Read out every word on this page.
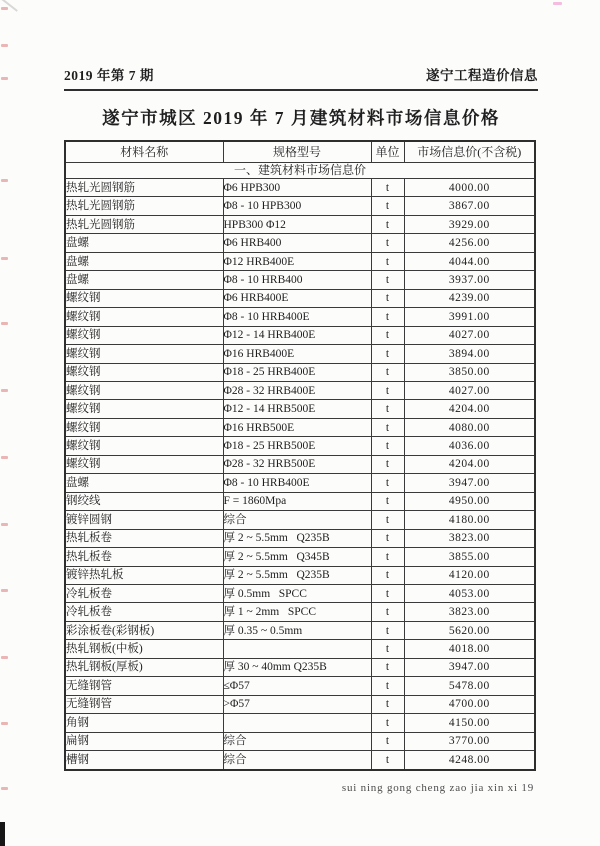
2019 年第 7 期	遂宁工程造价信息
遂宁市城区 2019 年 7 月建筑材料市场信息价格
材料名称	规格型号	单位	市场信息价(不含税)
一、建筑材料市场信息价			
热轧光圆钢筋	Φ6 HPB300	t	4000.00
热轧光圆钢筋	Φ8 - 10 HPB300	t	3867.00
热轧光圆钢筋	HPB300 Φ12	t	3929.00
盘螺	Φ6 HRB400	t	4256.00
盘螺	Φ12 HRB400E	t	4044.00
盘螺	Φ8 - 10 HRB400	t	3937.00
螺纹钢	Φ6 HRB400E	t	4239.00
螺纹钢	Φ8 - 10 HRB400E	t	3991.00
螺纹钢	Φ12 - 14 HRB400E	t	4027.00
螺纹钢	Φ16 HRB400E	t	3894.00
螺纹钢	Φ18 - 25 HRB400E	t	3850.00
螺纹钢	Φ28 - 32 HRB400E	t	4027.00
螺纹钢	Φ12 - 14 HRB500E	t	4204.00
螺纹钢	Φ16 HRB500E	t	4080.00
螺纹钢	Φ18 - 25 HRB500E	t	4036.00
螺纹钢	Φ28 - 32 HRB500E	t	4204.00
盘螺	Φ8 - 10 HRB400E	t	3947.00
钢绞线	F = 1860Mpa	t	4950.00
镀锌圆钢	综合	t	4180.00
热轧板卷	厚 2 ~ 5.5mm   Q235B	t	3823.00
热轧板卷	厚 2 ~ 5.5mm   Q345B	t	3855.00
镀锌热轧板	厚 2 ~ 5.5mm   Q235B	t	4120.00
冷轧板卷	厚 0.5mm   SPCC	t	4053.00
冷轧板卷	厚 1 ~ 2mm   SPCC	t	3823.00
彩涂板卷(彩钢板)	厚 0.35 ~ 0.5mm	t	5620.00
热轧钢板(中板)		t	4018.00
热轧钢板(厚板)	厚 30 ~ 40mm Q235B	t	3947.00
无缝钢管	≤Φ57	t	5478.00
无缝钢管	>Φ57	t	4700.00
角钢		t	4150.00
扁钢	综合	t	3770.00
槽钢	综合	t	4248.00
sui ning gong cheng zao jia xin xi 19
